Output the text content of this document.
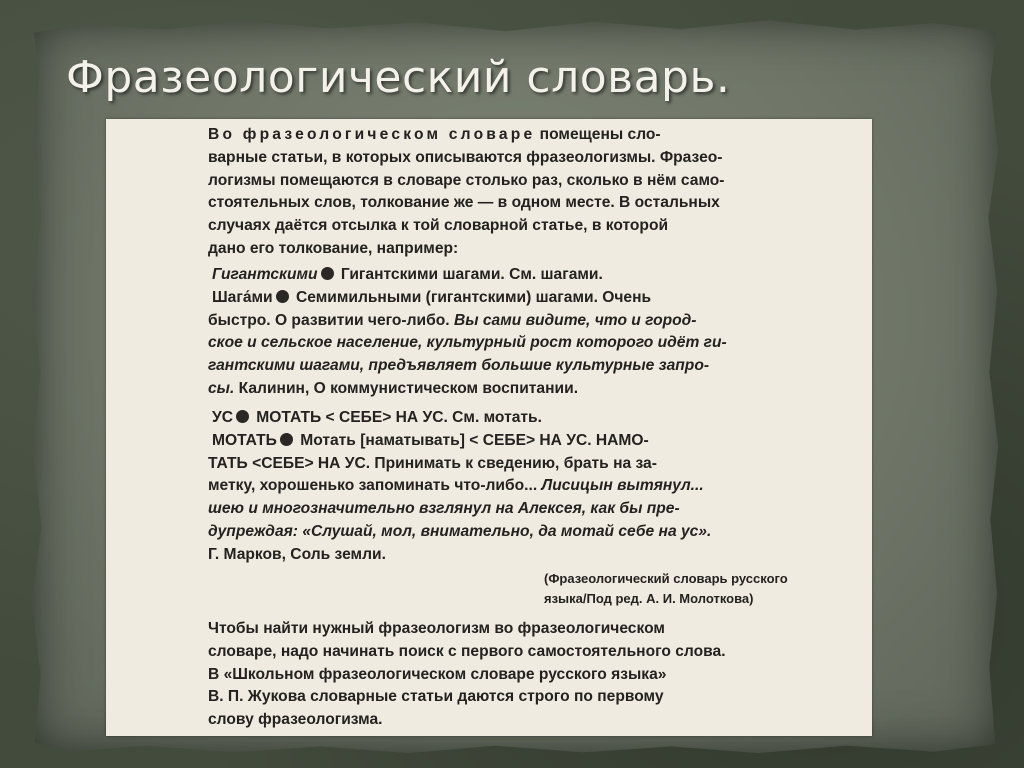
Фразеологический словарь.
Во фразеологическом словаре помещены сло-
варные статьи, в которых описываются фразеологизмы. Фразео-
логизмы помещаются в словаре столько раз, сколько в нём само-
стоятельных слов, толкование же — в одном месте. В остальных
случаях даётся отсылка к той словарной статье, в которой
дано его толкование, например:
Гигантскими Гигантскими шагами. См. шагами.
Шага́ми Семимильными (гигантскими) шагами. Очень
быстро. О развитии чего-либо. Вы сами видите, что и город-
ское и сельское население, культурный рост которого идёт ги-
гантскими шагами, предъявляет большие культурные запро-
сы. Калинин, О коммунистическом воспитании.
УС МОТАТЬ < СЕБЕ> НА УС. См. мотать.
МОТАТЬ Мотать [наматывать] < СЕБЕ> НА УС. НАМО-
ТАТЬ <СЕБЕ> НА УС. Принимать к сведению, брать на за-
метку, хорошенько запоминать что-либо... Лисицын вытянул...
шею и многозначительно взглянул на Алексея, как бы пре-
дупреждая: «Слушай, мол, внимательно, да мотай себе на ус».
Г. Марков, Соль земли.
(Фразеологический словарь русского
языка/Под ред. А. И. Молоткова)
Чтобы найти нужный фразеологизм во фразеологическом
словаре, надо начинать поиск с первого самостоятельного слова.
В «Школьном фразеологическом словаре русского языка»
В. П. Жукова словарные статьи даются строго по первому
слову фразеологизма.
